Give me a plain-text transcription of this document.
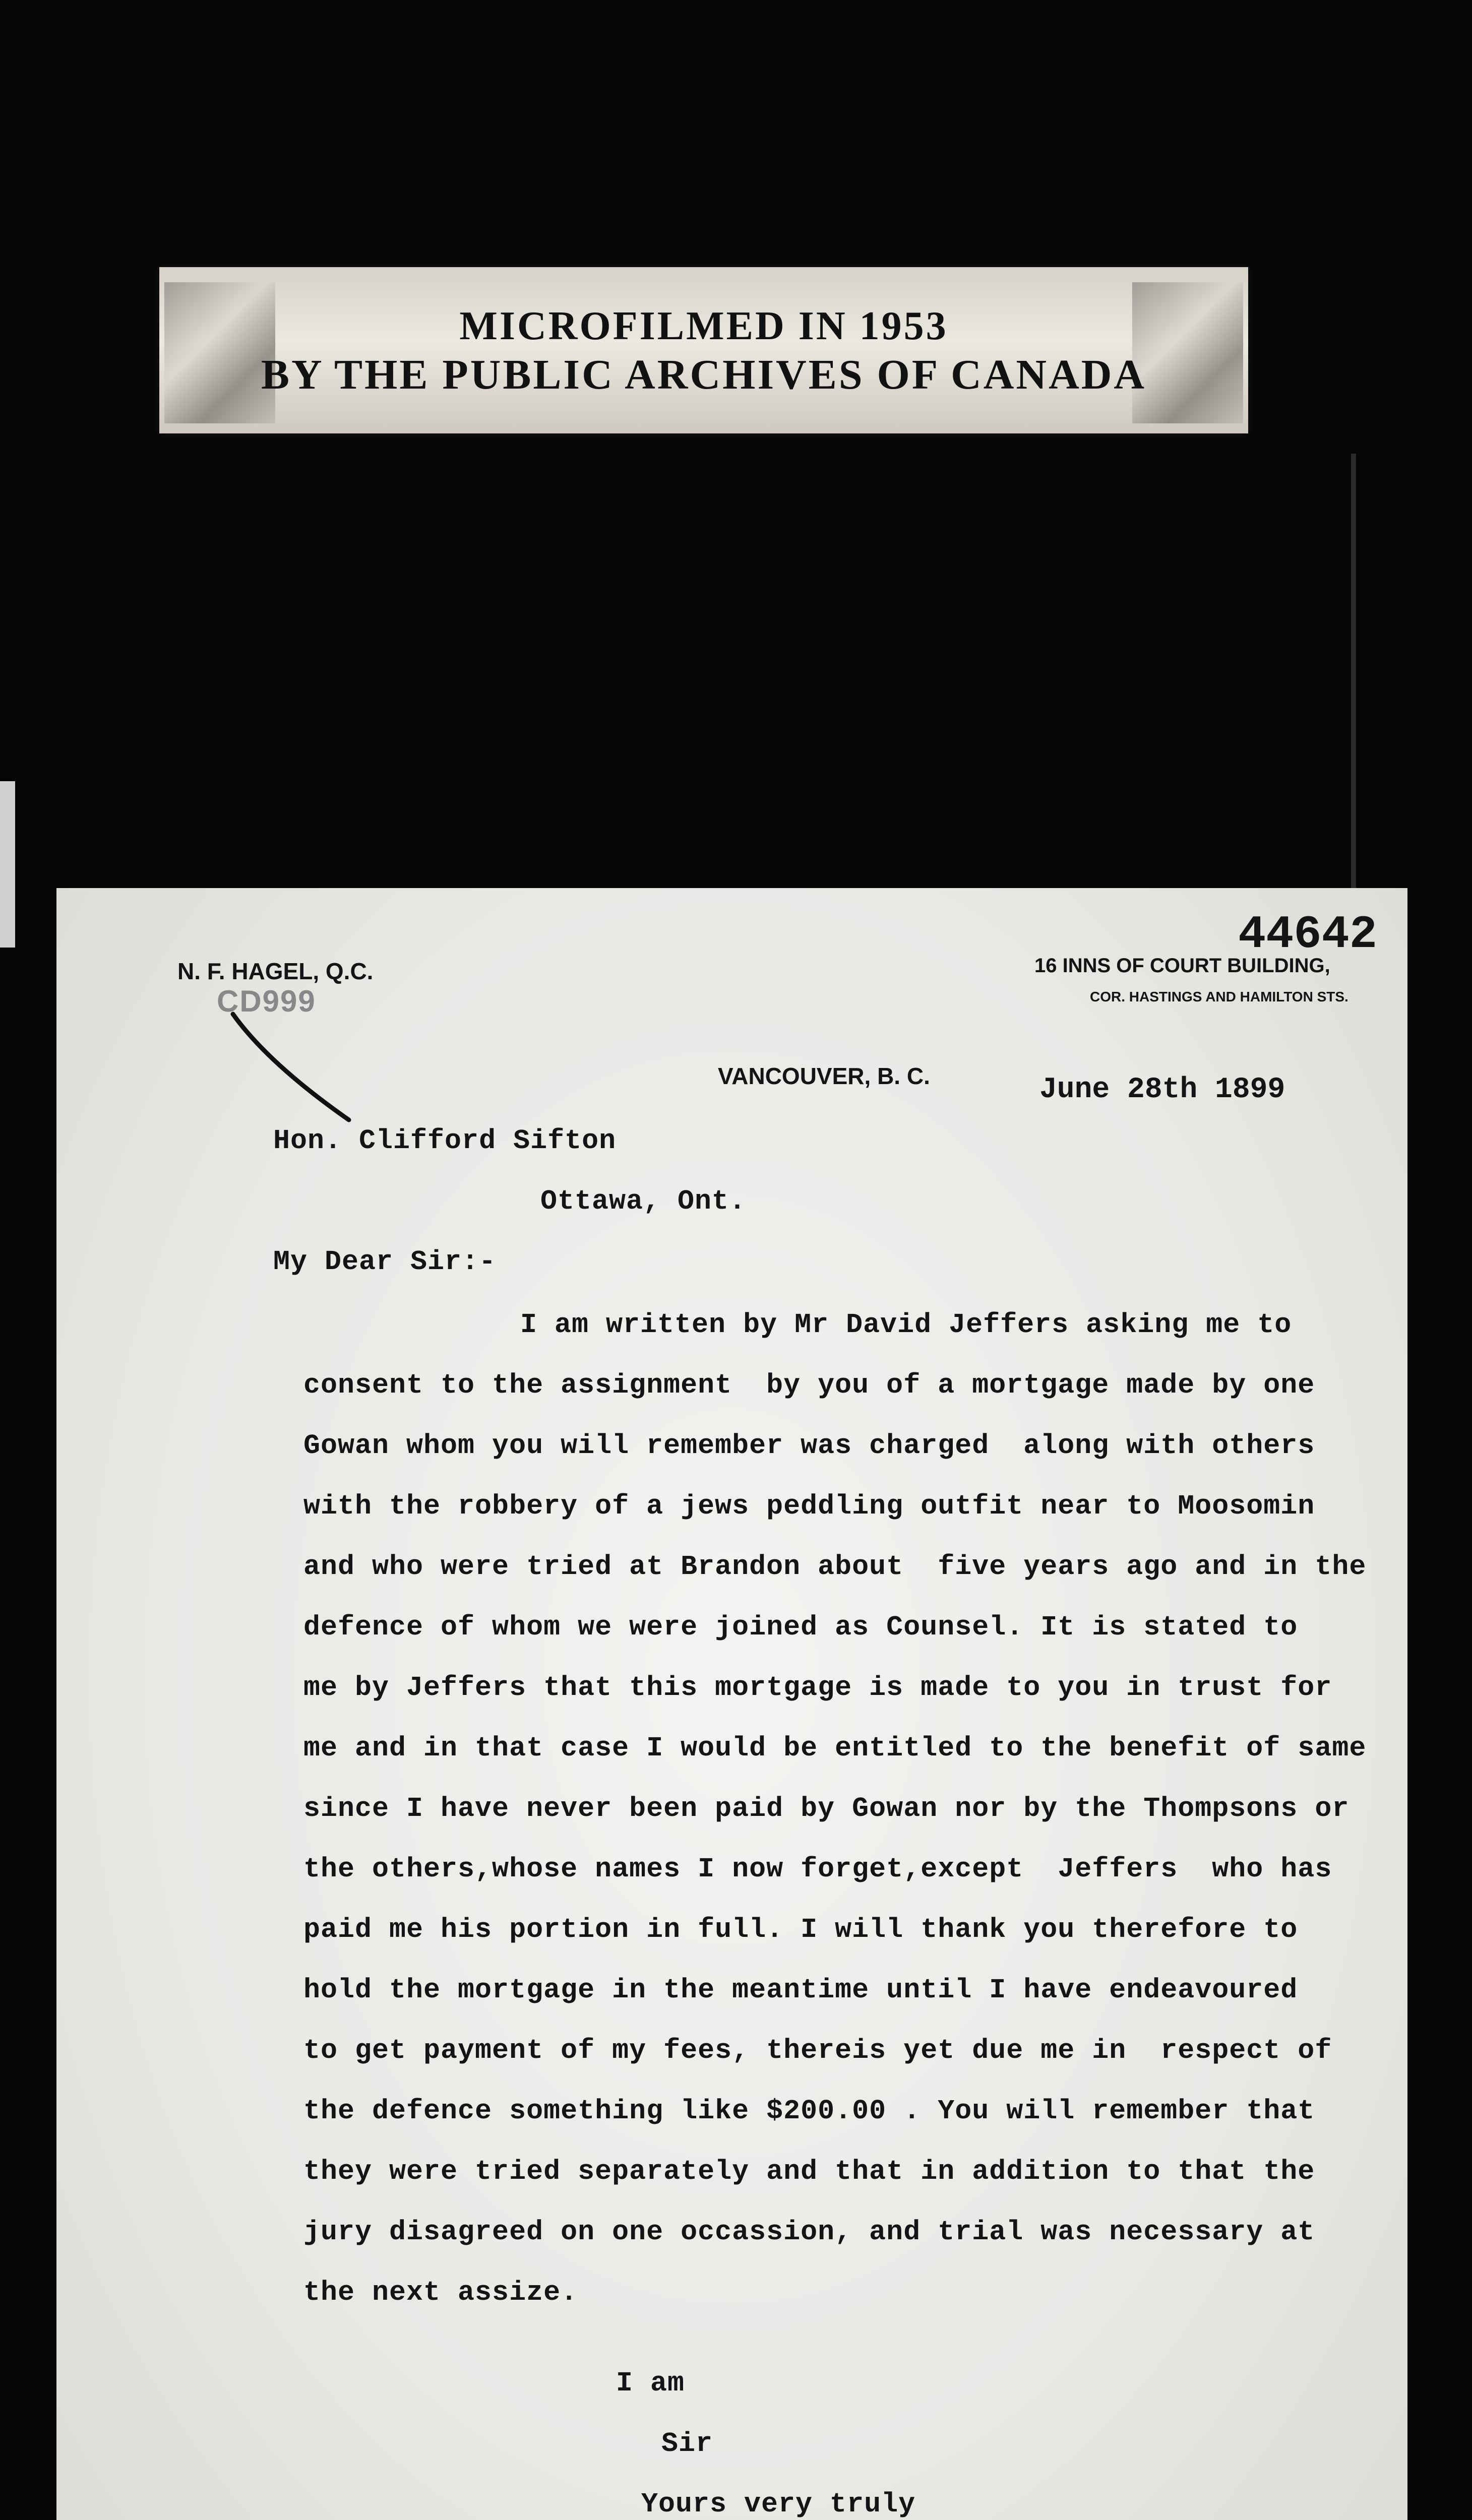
MICROFILMED IN 1953
BY THE PUBLIC ARCHIVES OF CANADA
44642
N. F. HAGEL, Q.C.
CD999
16 INNS OF COURT BUILDING,
COR. HASTINGS AND HAMILTON STS.
VANCOUVER, B. C.	June 28th 1899
Hon. Clifford Sifton
Ottawa, Ont.
My Dear Sir:-
I am written by Mr David Jeffers asking me to
consent to the assignment  by you of a mortgage made by one
Gowan whom you will remember was charged  along with others
with the robbery of a jews peddling outfit near to Moosomin
and who were tried at Brandon about  five years ago and in the
defence of whom we were joined as Counsel. It is stated to
me by Jeffers that this mortgage is made to you in trust for
me and in that case I would be entitled to the benefit of same
since I have never been paid by Gowan nor by the Thompsons or
the others,whose names I now forget,except  Jeffers  who has
paid me his portion in full. I will thank you therefore to
hold the mortgage in the meantime until I have endeavoured
to get payment of my fees, thereis yet due me in  respect of
the defence something like $200.00 . You will remember that
they were tried separately and that in addition to that the
jury disagreed on one occassion, and trial was necessary at
the next assize.
I am
Sir
Yours very truly
